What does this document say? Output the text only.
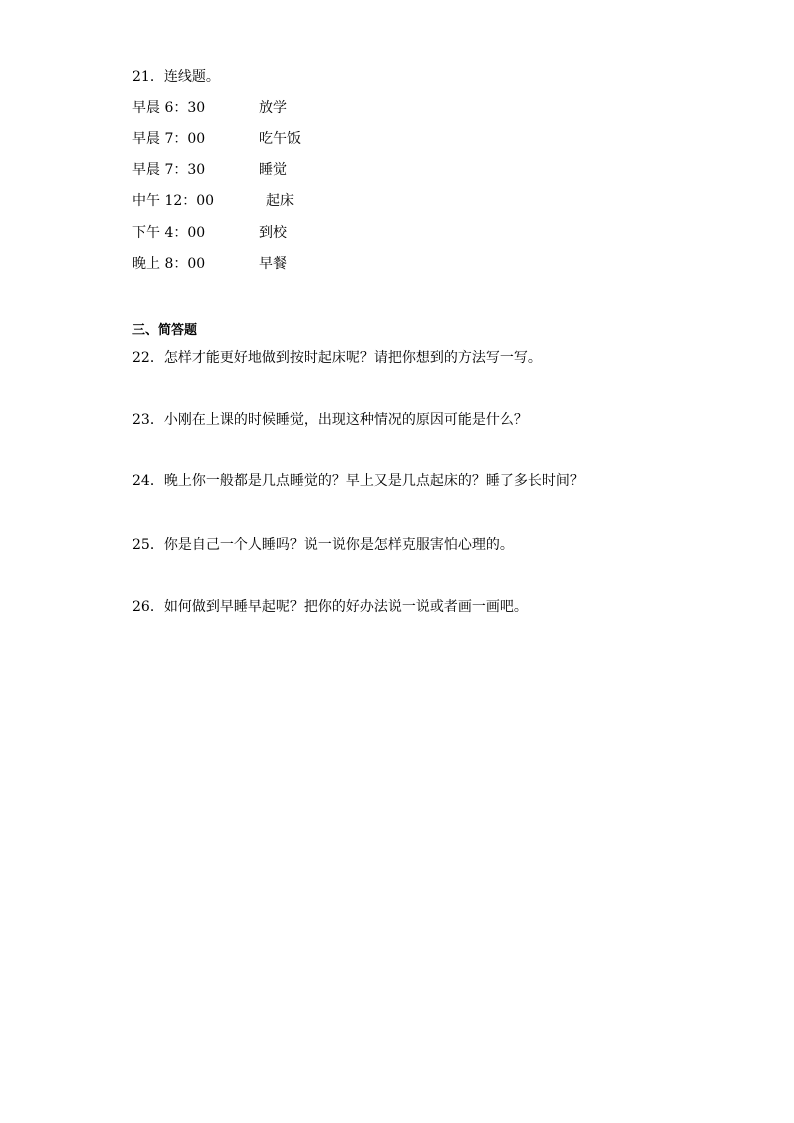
21．连线题。
早晨 6：30	放学
早晨 7：00	吃午饭
早晨 7：30	睡觉
中午 12：00	起床
下午 4：00	到校
晚上 8：00	早餐
三、简答题
22．怎样才能更好地做到按时起床呢？请把你想到的方法写一写。
23．小刚在上课的时候睡觉，出现这种情况的原因可能是什么？
24．晚上你一般都是几点睡觉的？早上又是几点起床的？睡了多长时间？
25．你是自己一个人睡吗？说一说你是怎样克服害怕心理的。
26．如何做到早睡早起呢？把你的好办法说一说或者画一画吧。
